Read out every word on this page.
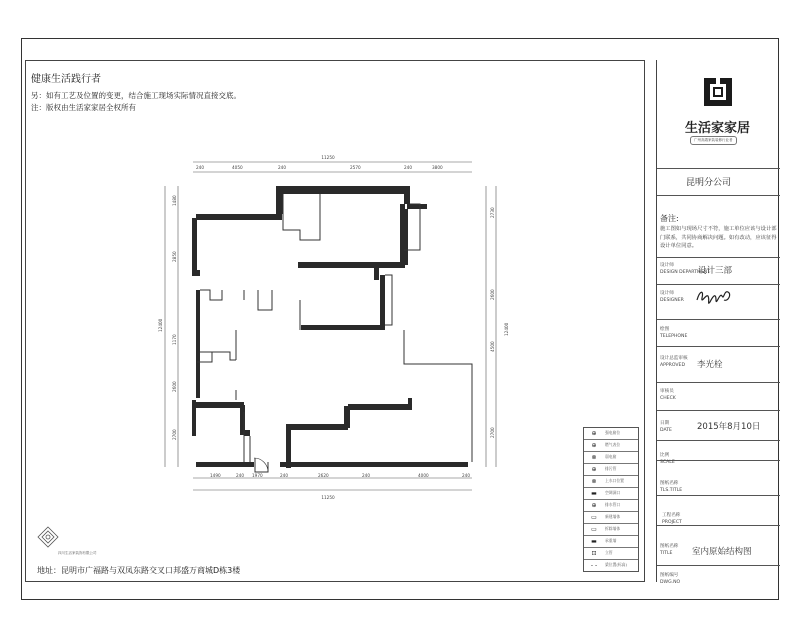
健康生活践行者
另：如有工艺及位置的变更，结合施工现场实际情况直接交底。
注：版权由生活家家居全权所有
11250
240	4050	240	2570	240	3800
11250
1490	240 1970	240	2620	240	4000	240
12400
1480
2850
1170
2600
2700
12400
2730
2600
4500
2700
四川生活家装饰有限公司
地址：昆明市广福路与双凤东路交叉口邦盛万商城D栋3楼
⊕	强电箱位
⊕	燃气表位
⊗	弱电箱
⊕	排污管
⊗	上水口位置
▬	空调洞口
⊕	排水管口
▭	新建墙体
▭	拆除墙体
▬	承重墙
⊡	立管
- -	梁位置(标高)
生活家家居
广州高端家装装修行业者
昆明分公司
备注:
施工图如与现场尺寸不符，施工单位应该与设计部门联系，共同协商解决问题。如有改动，应该征得设计单位同意。
设计师
DESIGN DEPARTMENT
设计三部
设计师
DESIGNER
绘图
TELEPHONE
设计总监审核
APPROVED	李光栓
审核员
CHECK
日期
DATE	2015年8月10日
比例
SCALE
图纸名称
TLS.TITLE
工程名称
PROJECT
图纸名称
TITLE	室内原始结构图
图纸编号
DWG.NO
